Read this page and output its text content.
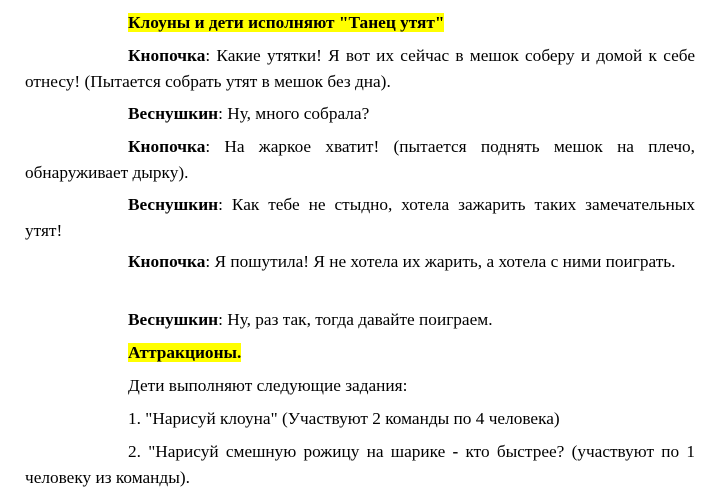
Клоуны и дети исполняют "Танец утят"

Кнопочка: Какие утятки! Я вот их сейчас в мешок соберу и домой к себе отнесу! (Пытается собрать утят в мешок без дна).

Веснушкин: Ну, много собрала?

Кнопочка: На жаркое хватит! (пытается поднять мешок на плечо, обнаруживает дырку).

Веснушкин: Как тебе не стыдно, хотела зажарить таких замечательных утят!

Кнопочка: Я пошутила! Я не хотела их жарить, а хотела с ними поиграть.

Веснушкин: Ну, раз так, тогда давайте поиграем.

Аттракционы.

Дети выполняют следующие задания:

1. "Нарисуй клоуна" (Участвуют 2 команды по 4 человека)

2. "Нарисуй смешную рожицу на шарике - кто быстрее? (участвуют по 1 человеку из команды).
